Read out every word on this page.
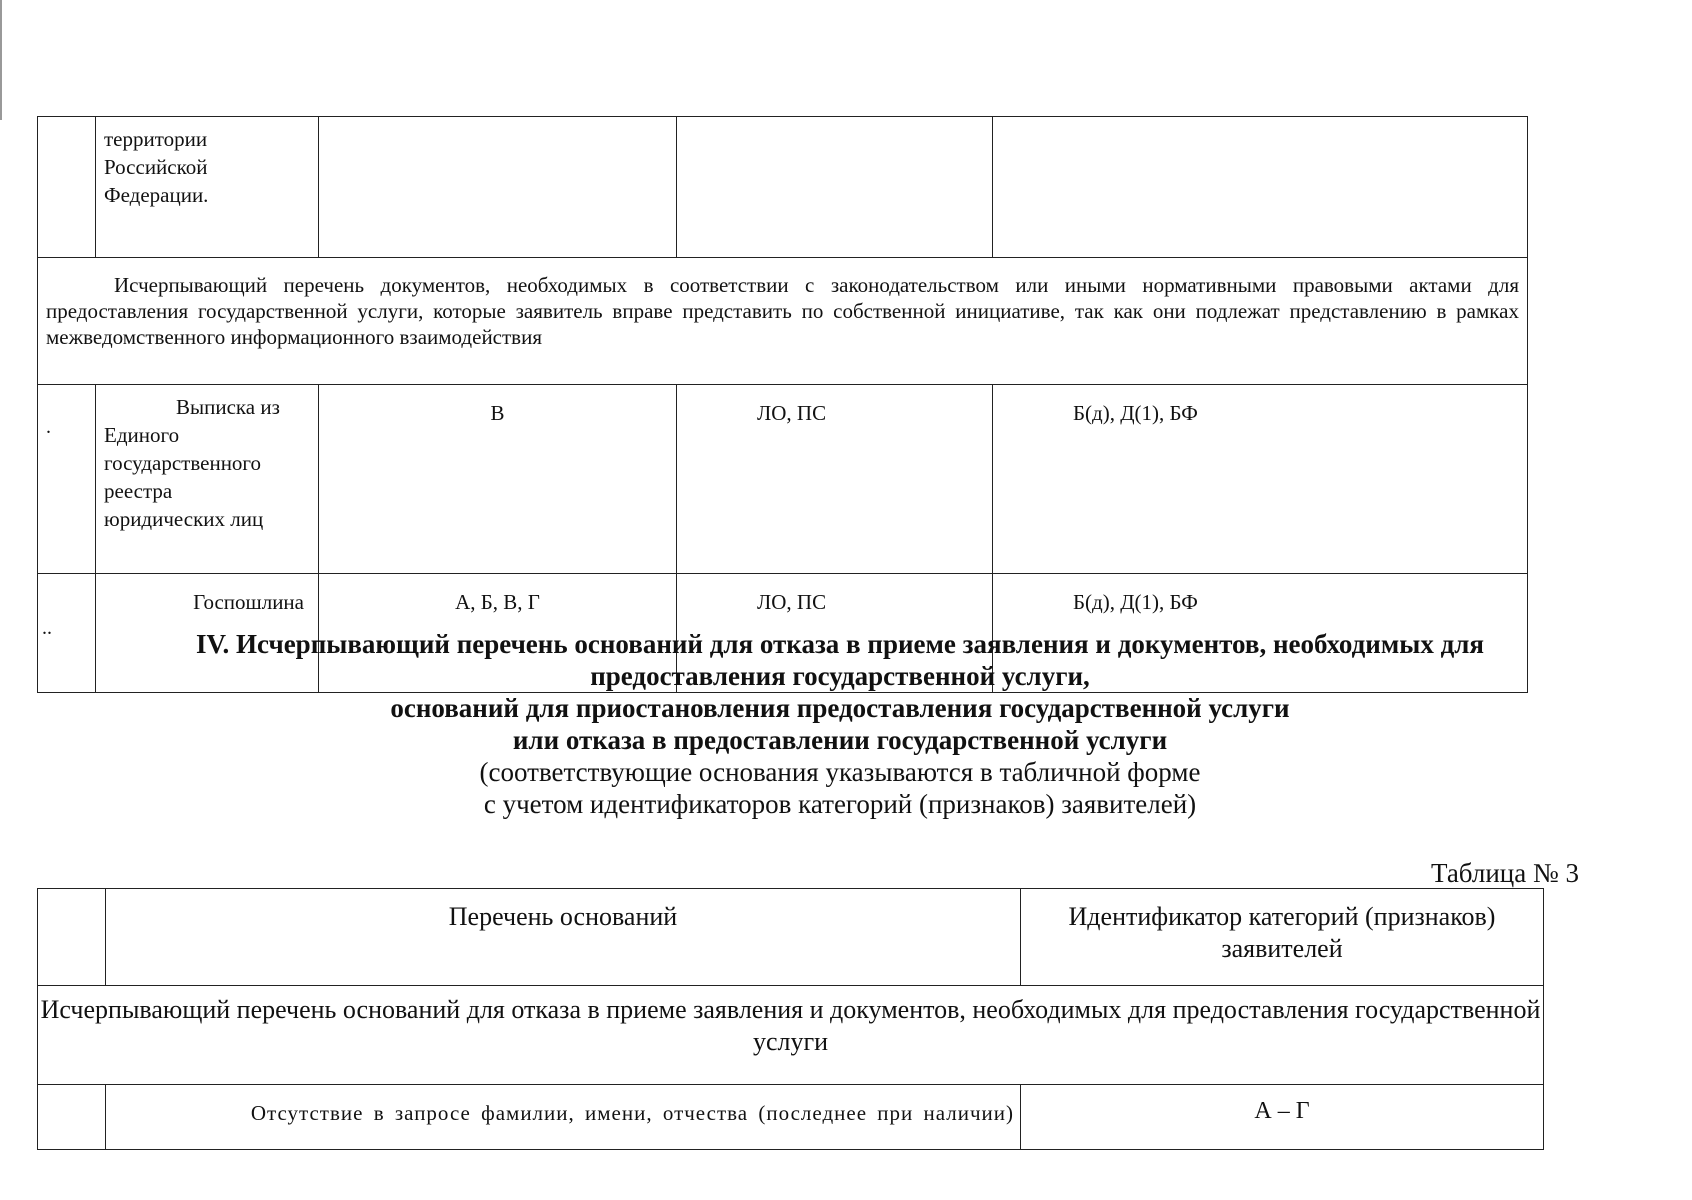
	территории
Российской
Федерации.			

Исчерпывающий перечень документов, необходимых в соответствии с законодательством или иными нормативными правовыми актами для предоставления государственной услуги, которые заявитель вправе представить по собственной инициативе, так как они подлежат представлению в рамках межведомственного информационного взаимодействия				
.	Выписка из
Единого
государственного
реестра
юридических лиц	В	ЛО, ПС	Б(д), Д(1), БФ
..	Госпошлина	А, Б, В, Г	ЛО, ПС	Б(д), Д(1), БФ
IV. Исчерпывающий перечень оснований для отказа в приеме заявления и документов, необходимых для
предоставления государственной услуги,
оснований для приостановления предоставления государственной услуги
или отказа в предоставлении государственной услуги
(соответствующие основания указываются в табличной форме
с учетом идентификаторов категорий (признаков) заявителей)
Таблица № 3
	Перечень оснований	Идентификатор категорий (признаков) заявителей
Исчерпывающий перечень оснований для отказа в приеме заявления и документов, необходимых для предоставления государственной услуги		
	Отсутствие в запросе фамилии, имени, отчества (последнее при наличии)	А – Г
